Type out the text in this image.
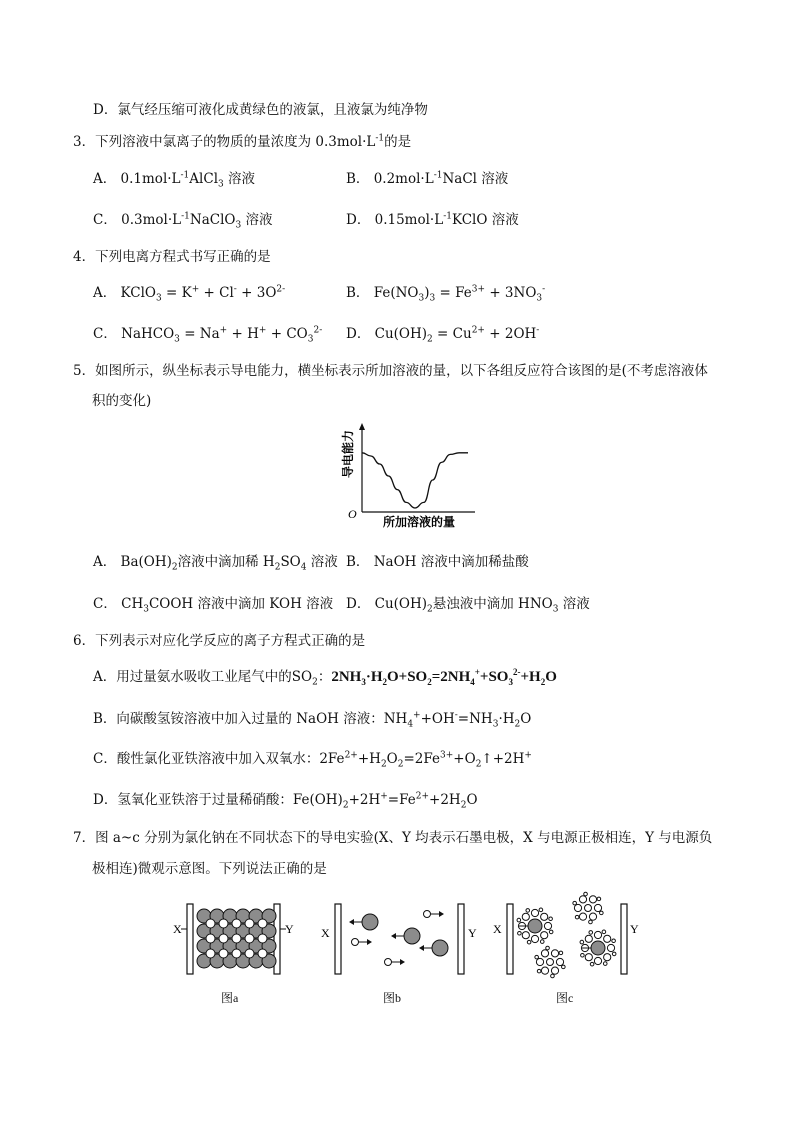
D．氯气经压缩可液化成黄绿色的液氯，且液氯为纯净物
3．下列溶液中氯离子的物质的量浓度为 $0.3mol\cdot L^{-1}$的是
A． $0.1mol\cdot L^{-1}AlCl_3$ 溶液	B． $0.2mol\cdot L^{-1}NaCl$ 溶液
C． $0.3mol\cdot L^{-1}NaClO_3$ 溶液	D． $0.15mol\cdot L^{-1}KClO$ 溶液
4．下列电离方程式书写正确的是
A． KClO$_3$ = $K^+ + Cl^- + 3O^{2-}$	B． $Fe(NO_3)_3 = Fe^{3+} + 3NO_3^-$
C． NaHCO$_3$ = $Na^+ + H^+ + CO_3^{2-}$ D． $Cu(OH)_2 = Cu^{2+} + 2OH^-$
5．如图所示，纵坐标表示导电能力，横坐标表示所加溶液的量，以下各组反应符合该图的是(不考虑溶液体
积的变化)
导电能力
O
所加溶液的量
A． $Ba(OH)_2$溶液中滴加稀 $H_2SO_4$ 溶液 B． NaOH 溶液中滴加稀盐酸
C． $CH_3COOH$ 溶液中滴加 KOH 溶液 D． $Cu(OH)_2$悬浊液中滴加 $HNO_3$ 溶液
6．下列表示对应化学反应的离子方程式正确的是
A．用过量氨水吸收工业尾气中的$SO_2$：$2NH_3\cdot H_2O+SO_2=2NH_4^++SO_3^{2-}+H_2O$
B．向碳酸氢铵溶液中加入过量的 NaOH 溶液：$NH_4^++OH^-=NH_3\cdot H_2O$
C．酸性氯化亚铁溶液中加入双氧水：$2Fe^{2+}+H_2O_2=2Fe^{3+}+O_2↑+2H^+$
D．氢氧化亚铁溶于过量稀硝酸：$Fe(OH)_2+2H^+=Fe^{2+}+2H_2O$
7．图 a~c 分别为氯化钠在不同状态下的导电实验(X、Y 均表示石墨电极，X 与电源正极相连，Y 与电源负
极相连)微观示意图。下列说法正确的是
X	Y
图a
X	Y
图b
X	Y
图c
